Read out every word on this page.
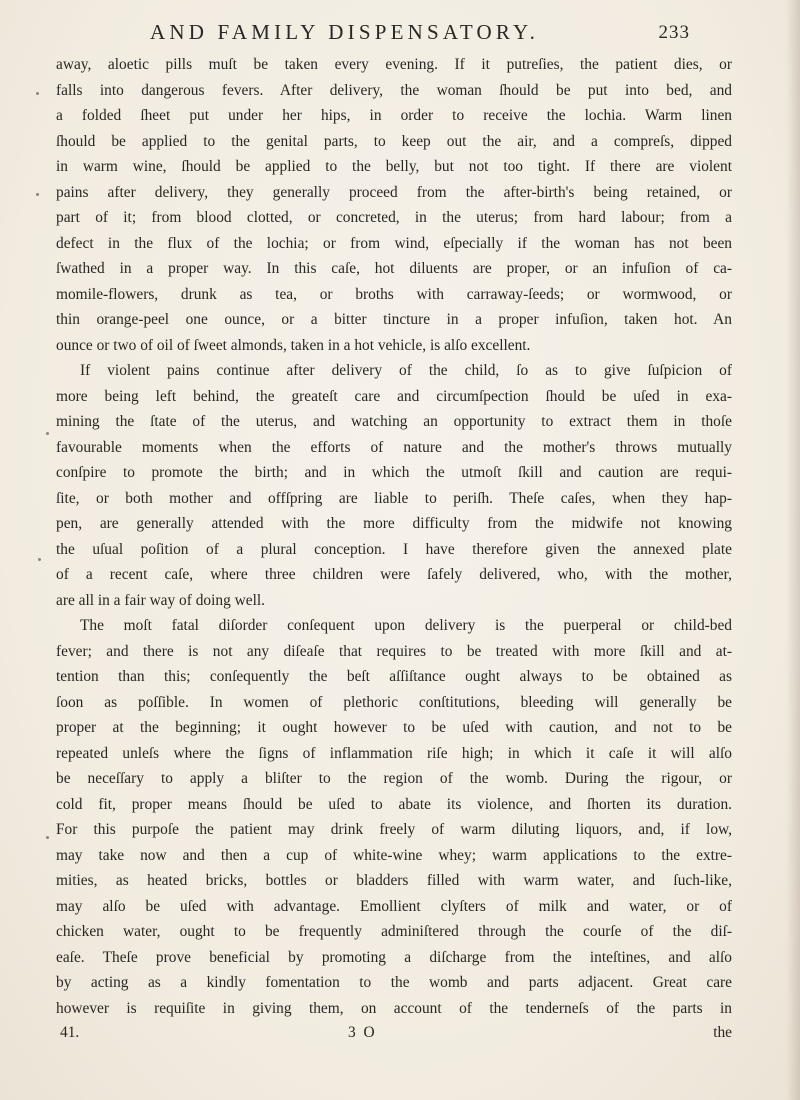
AND FAMILY DISPENSATORY.	233
away, aloetic pills muſt be taken every evening. If it putreſies, the patient dies, or
falls into dangerous fevers. After delivery, the woman ſhould be put into bed, and
a folded ſheet put under her hips, in order to receive the lochia. Warm linen
ſhould be applied to the genital parts, to keep out the air, and a compreſs, dipped
in warm wine, ſhould be applied to the belly, but not too tight. If there are violent
pains after delivery, they generally proceed from the after-birth's being retained, or
part of it; from blood clotted, or concreted, in the uterus; from hard labour; from a
defect in the flux of the lochia; or from wind, eſpecially if the woman has not been
ſwathed in a proper way. In this caſe, hot diluents are proper, or an infuſion of ca-
momile-flowers, drunk as tea, or broths with carraway-ſeeds; or wormwood, or
thin orange-peel one ounce, or a bitter tincture in a proper infuſion, taken hot. An
ounce or two of oil of ſweet almonds, taken in a hot vehicle, is alſo excellent.
If violent pains continue after delivery of the child, ſo as to give ſuſpicion of
more being left behind, the greateſt care and circumſpection ſhould be uſed in exa-
mining the ſtate of the uterus, and watching an opportunity to extract them in thoſe
favourable moments when the efforts of nature and the mother's throws mutually
conſpire to promote the birth; and in which the utmoſt ſkill and caution are requi-
ſite, or both mother and offſpring are liable to periſh. Theſe caſes, when they hap-
pen, are generally attended with the more difficulty from the midwife not knowing
the uſual poſition of a plural conception. I have therefore given the annexed plate
of a recent caſe, where three children were ſafely delivered, who, with the mother,
are all in a fair way of doing well.
The moſt fatal diſorder conſequent upon delivery is the puerperal or child-bed
fever; and there is not any diſeaſe that requires to be treated with more ſkill and at-
tention than this; conſequently the beſt aſſiſtance ought always to be obtained as
ſoon as poſſible. In women of plethoric conſtitutions, bleeding will generally be
proper at the beginning; it ought however to be uſed with caution, and not to be
repeated unleſs where the ſigns of inflammation riſe high; in which it caſe it will alſo
be neceſſary to apply a bliſter to the region of the womb. During the rigour, or
cold fit, proper means ſhould be uſed to abate its violence, and ſhorten its duration.
For this purpoſe the patient may drink freely of warm diluting liquors, and, if low,
may take now and then a cup of white-wine whey; warm applications to the extre-
mities, as heated bricks, bottles or bladders filled with warm water, and ſuch-like,
may alſo be uſed with advantage. Emollient clyſters of milk and water, or of
chicken water, ought to be frequently adminiſtered through the courſe of the diſ-
eaſe. Theſe prove beneficial by promoting a diſcharge from the inteſtines, and alſo
by acting as a kindly fomentation to the womb and parts adjacent. Great care
however is requiſite in giving them, on account of the tenderneſs of the parts in
41.	3 O	the
